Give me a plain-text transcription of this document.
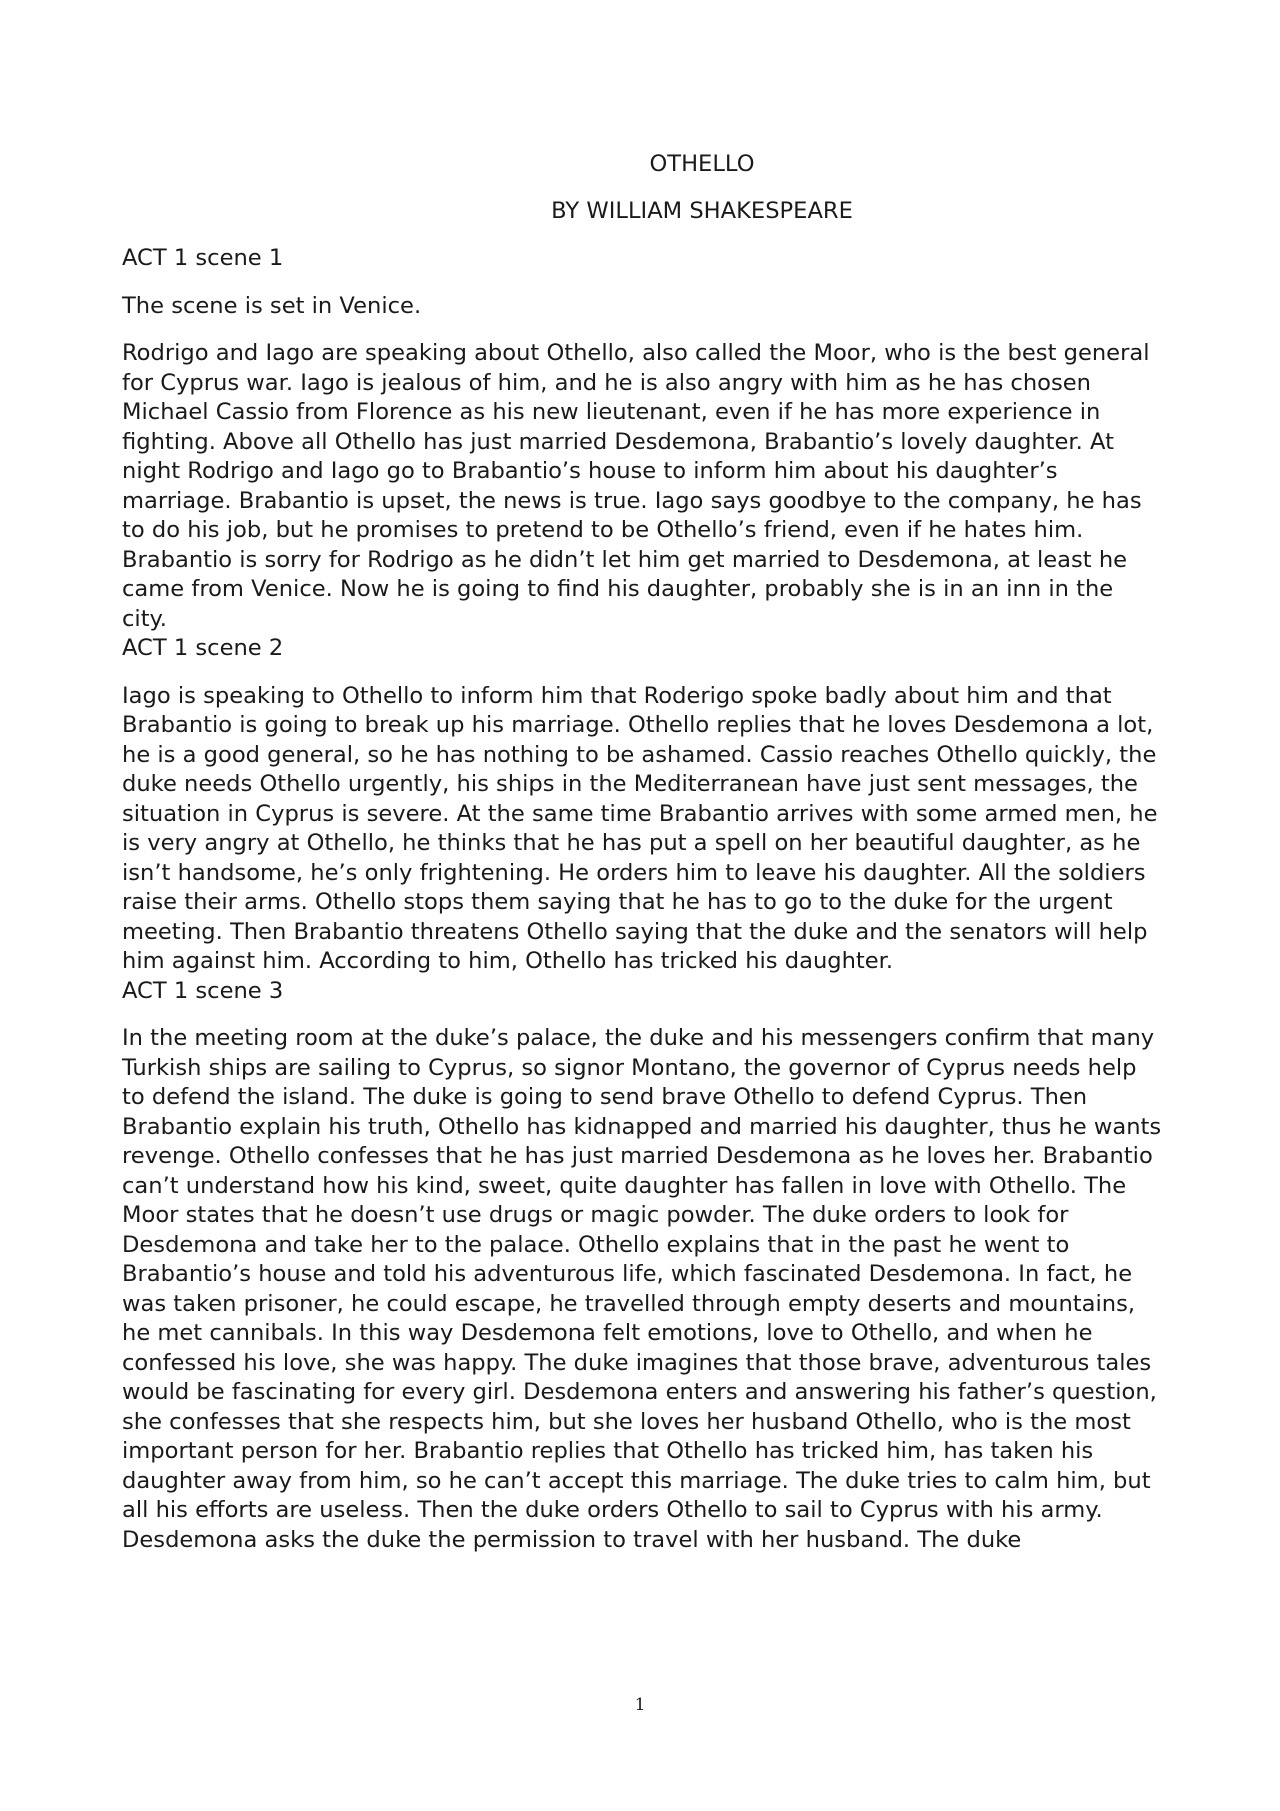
OTHELLO

BY WILLIAM SHAKESPEARE

ACT 1 scene 1

The scene is set in Venice.

Rodrigo and Iago are speaking about Othello, also called the Moor, who is the best general for Cyprus war. Iago is jealous of him, and he is also angry with him as he has chosen Michael Cassio from Florence as his new lieutenant, even if he has more experience in fighting. Above all Othello has just married Desdemona, Brabantio’s lovely daughter. At night Rodrigo and Iago go to Brabantio’s house to inform him about his daughter’s marriage. Brabantio is upset, the news is true. Iago says goodbye to the company, he has to do his job, but he promises to pretend to be Othello’s friend, even if he hates him. Brabantio is sorry for Rodrigo as he didn’t let him get married to Desdemona, at least he came from Venice. Now he is going to find his daughter, probably she is in an inn in the city.

ACT 1 scene 2

Iago is speaking to Othello to inform him that Roderigo spoke badly about him and that Brabantio is going to break up his marriage. Othello replies that he loves Desdemona a lot, he is a good general, so he has nothing to be ashamed. Cassio reaches Othello quickly, the duke needs Othello urgently, his ships in the Mediterranean have just sent messages, the situation in Cyprus is severe. At the same time Brabantio arrives with some armed men, he is very angry at Othello, he thinks that he has put a spell on her beautiful daughter, as he isn’t handsome, he’s only frightening. He orders him to leave his daughter. All the soldiers raise their arms. Othello stops them saying that he has to go to the duke for the urgent meeting. Then Brabantio threatens Othello saying that the duke and the senators will help him against him. According to him, Othello has tricked his daughter.

ACT 1 scene 3

In the meeting room at the duke’s palace, the duke and his messengers confirm that many Turkish ships are sailing to Cyprus, so signor Montano, the governor of Cyprus needs help to defend the island. The duke is going to send brave Othello to defend Cyprus. Then Brabantio explain his truth, Othello has kidnapped and married his daughter, thus he wants revenge. Othello confesses that he has just married Desdemona as he loves her. Brabantio can’t understand how his kind, sweet, quite daughter has fallen in love with Othello. The Moor states that he doesn’t use drugs or magic powder. The duke orders to look for Desdemona and take her to the palace. Othello explains that in the past he went to Brabantio’s house and told his adventurous life, which fascinated Desdemona. In fact, he was taken prisoner, he could escape, he travelled through empty deserts and mountains, he met cannibals. In this way Desdemona felt emotions, love to Othello, and when he confessed his love, she was happy. The duke imagines that those brave, adventurous tales would be fascinating for every girl. Desdemona enters and answering his father’s question, she confesses that she respects him, but she loves her husband Othello, who is the most important person for her. Brabantio replies that Othello has tricked him, has taken his daughter away from him, so he can’t accept this marriage. The duke tries to calm him, but all his efforts are useless. Then the duke orders Othello to sail to Cyprus with his army. Desdemona asks the duke the permission to travel with her husband. The duke

1
